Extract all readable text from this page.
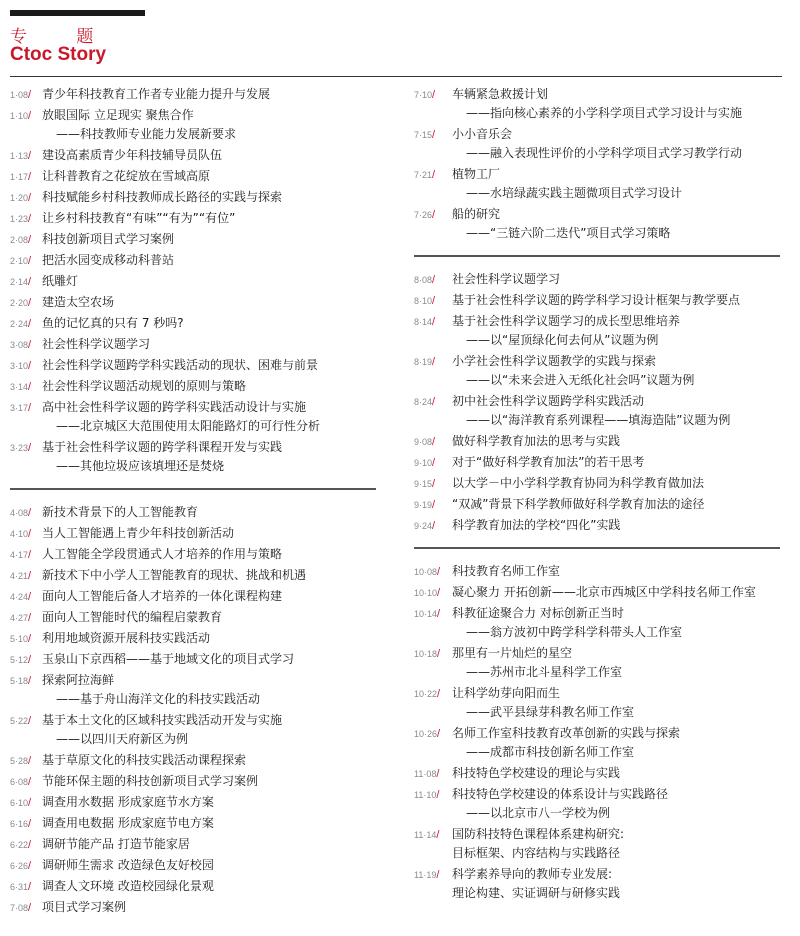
专 题
Ctoc Story
1·08/ 青少年科技教育工作者专业能力提升与发展
1·10/ 放眼国际 立足现实 聚焦合作
——科技教师专业能力发展新要求
1·13/ 建设高素质青少年科技辅导员队伍
1·17/ 让科普教育之花绽放在雪域高原
1·20/ 科技赋能乡村科技教师成长路径的实践与探索
1·23/ 让乡村科技教育“有味”“有为”“有位”
2·08/ 科技创新项目式学习案例
2·10/ 把活水园变成移动科普站
2·14/ 纸雕灯
2·20/ 建造太空农场
2·24/ 鱼的记忆真的只有 7 秒吗?
3·08/ 社会性科学议题学习
3·10/ 社会性科学议题跨学科实践活动的现状、困难与前景
3·14/ 社会性科学议题活动规划的原则与策略
3·17/ 高中社会性科学议题的跨学科实践活动设计与实施
——北京城区大范围使用太阳能路灯的可行性分析
3·23/ 基于社会性科学议题的跨学科课程开发与实践
——其他垃圾应该填埋还是焚烧
4·08/ 新技术背景下的人工智能教育
4·10/ 当人工智能遇上青少年科技创新活动
4·17/ 人工智能全学段贯通式人才培养的作用与策略
4·21/ 新技术下中小学人工智能教育的现状、挑战和机遇
4·24/ 面向人工智能后备人才培养的一体化课程构建
4·27/ 面向人工智能时代的编程启蒙教育
5·10/ 利用地域资源开展科技实践活动
5·12/ 玉泉山下京西稻——基于地域文化的项目式学习
5·18/ 探索阿拉海鲜
——基于舟山海洋文化的科技实践活动
5·22/ 基于本土文化的区域科技实践活动开发与实施
——以四川天府新区为例
5·28/ 基于草原文化的科技实践活动课程探索
6·08/ 节能环保主题的科技创新项目式学习案例
6·10/ 调查用水数据 形成家庭节水方案
6·16/ 调查用电数据 形成家庭节电方案
6·22/ 调研节能产品 打造节能家居
6·26/ 调研师生需求 改造绿色友好校园
6·31/ 调查人文环境 改造校园绿化景观
7·08/ 项目式学习案例
7·10/	车辆紧急救援计划
——指向核心素养的小学科学项目式学习设计与实施
7·15/	小小音乐会
——融入表现性评价的小学科学项目式学习教学行动
7·21/	植物工厂
——水培绿蔬实践主题微项目式学习设计
7·26/	船的研究
——“三链六阶二迭代”项目式学习策略
8·08/	社会性科学议题学习
8·10/	基于社会性科学议题的跨学科学习设计框架与教学要点
8·14/	基于社会性科学议题学习的成长型思维培养
——以“屋顶绿化何去何从”议题为例
8·19/	小学社会性科学议题教学的实践与探索
——以“未来会进入无纸化社会吗”议题为例
8·24/	初中社会性科学议题跨学科实践活动
——以“海洋教育系列课程——填海造陆”议题为例
9·08/	做好科学教育加法的思考与实践
9·10/	对于“做好科学教育加法”的若干思考
9·15/	以大学－中小学科学教育协同为科学教育做加法
9·19/	“双减”背景下科学教师做好科学教育加法的途径
9·24/	科学教育加法的学校“四化”实践
10·08/ 科技教育名师工作室
10·10/ 凝心聚力 开拓创新——北京市西城区中学科技名师工作室
10·14/ 科教征途聚合力 对标创新正当时
——翁方波初中跨学科学科带头人工作室
10·18/ 那里有一片灿烂的星空
——苏州市北斗星科学工作室
10·22/ 让科学幼芽向阳而生
——武平县绿芽科教名师工作室
10·26/ 名师工作室科技教育改革创新的实践与探索
——成都市科技创新名师工作室
11·08/	科技特色学校建设的理论与实践
11·10/	科技特色学校建设的体系设计与实践路径
——以北京市八一学校为例
11·14/	国防科技特色课程体系建构研究:
目标框架、内容结构与实践路径
11·19/	科学素养导向的教师专业发展:
理论构建、实证调研与研修实践
